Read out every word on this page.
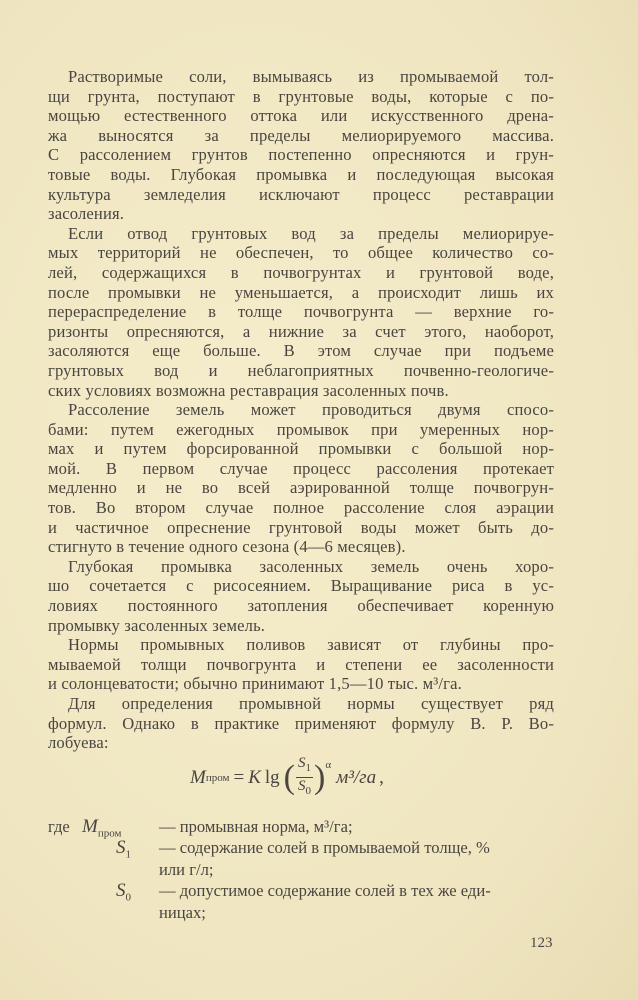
Растворимые соли, вымываясь из промываемой тол-
щи грунта, поступают в грунтовые воды, которые с по-
мощью естественного оттока или искусственного дрена-
жа выносятся за пределы мелиорируемого массива.
С рассолением грунтов постепенно опресняются и грун-
товые воды. Глубокая промывка и последующая высокая
культура земледелия исключают процесс реставрации
засоления.
Если отвод грунтовых вод за пределы мелиорируе-
мых территорий не обеспечен, то общее количество со-
лей, содержащихся в почвогрунтах и грунтовой воде,
после промывки не уменьшается, а происходит лишь их
перераспределение в толще почвогрунта — верхние го-
ризонты опресняются, а нижние за счет этого, наоборот,
засоляются еще больше. В этом случае при подъеме
грунтовых вод и неблагоприятных почвенно-геологиче-
ских условиях возможна реставрация засоленных почв.
Рассоление земель может проводиться двумя спосо-
бами: путем ежегодных промывок при умеренных нор-
мах и путем форсированной промывки с большой нор-
мой. В первом случае процесс рассоления протекает
медленно и не во всей аэрированной толще почвогрун-
тов. Во втором случае полное рассоление слоя аэрации
и частичное опреснение грунтовой воды может быть до-
стигнуто в течение одного сезона (4—6 месяцев).
Глубокая промывка засоленных земель очень хоро-
шо сочетается с рисосеянием. Выращивание риса в ус-
ловиях постоянного затопления обеспечивает коренную
промывку засоленных земель.
Нормы промывных поливов зависят от глубины про-
мываемой толщи почвогрунта и степени ее засоленности
и солонцеватости; обычно принимают 1,5—10 тыс. м³/га.
Для определения промывной нормы существует ряд
формул. Однако в практике применяют формулу В. Р. Во-
лобуева:
M пром = K lg ( $\frac{S_1}{S_0} )^\alpha$
м³/га ,
где $M_{пром}$ — промывная норма, м³/га;
$S_1$ — содержание солей в промываемой толще, %
или г/л;
$S_0$ — допустимое содержание солей в тех же еди-
ницах;
123
